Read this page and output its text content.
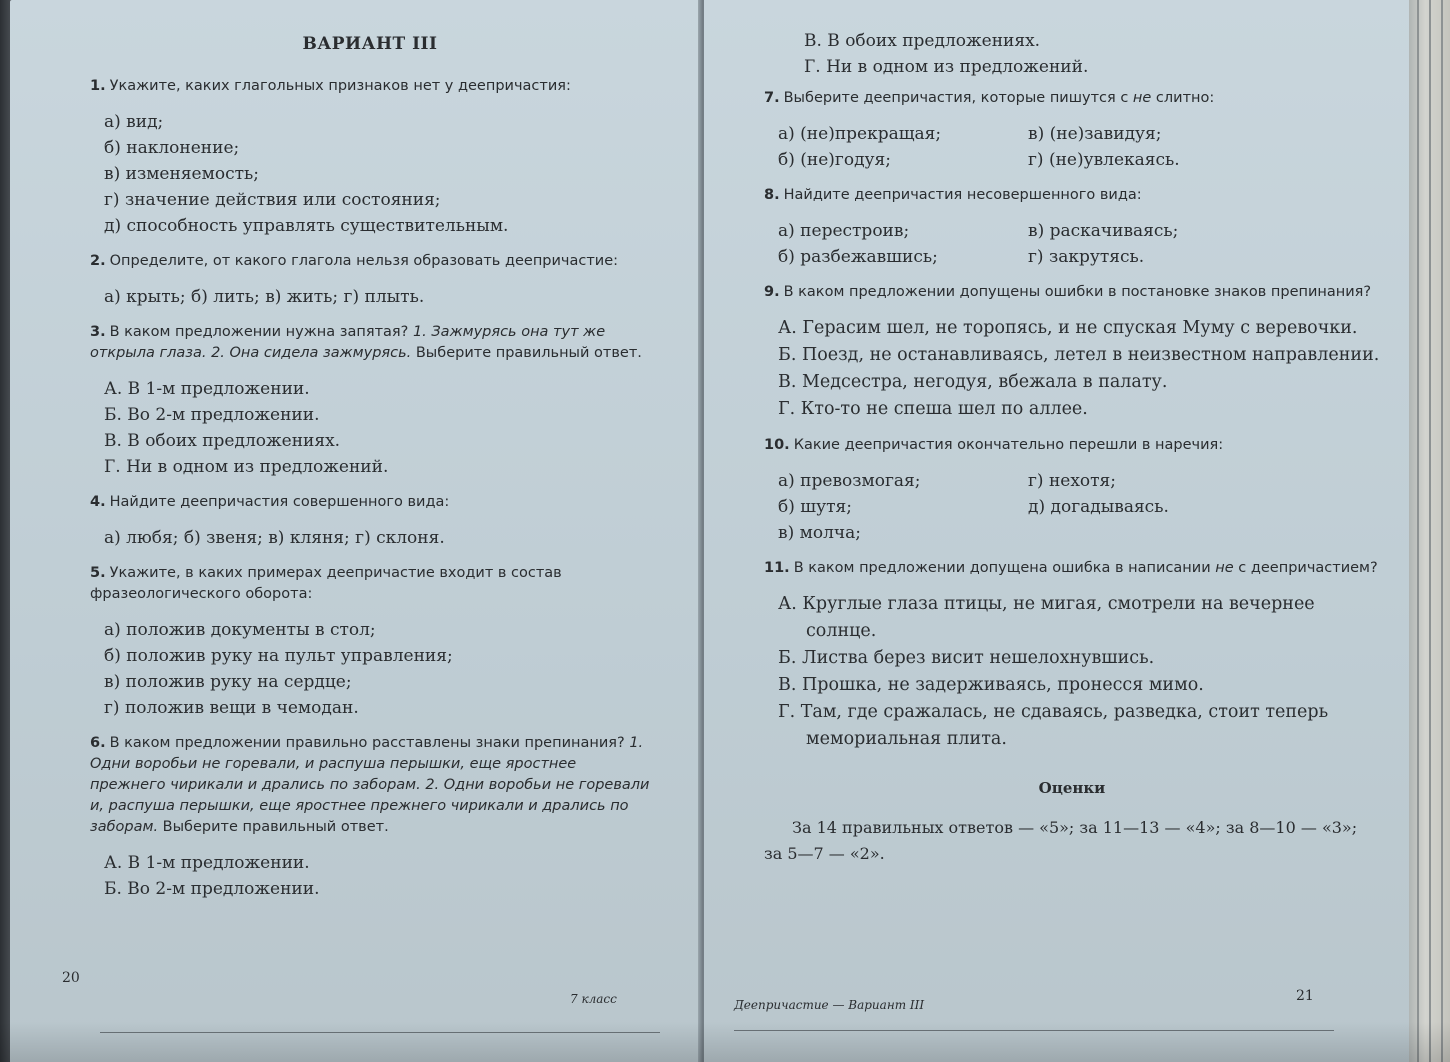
ВАРИАНТ III
1. Укажите, каких глагольных признаков нет у деепричастия:
а) вид;
б) наклонение;
в) изменяемость;
г) значение действия или состояния;
д) способность управлять существительным.
2. Определите, от какого глагола нельзя образовать деепричастие:
а) крыть; б) лить; в) жить; г) плыть.
3. В каком предложении нужна запятая? 1. Зажмурясь она тут же открыла глаза. 2. Она сидела зажмурясь. Выберите правильный ответ.
А. В 1-м предложении.
Б. Во 2-м предложении.
В. В обоих предложениях.
Г. Ни в одном из предложений.
4. Найдите деепричастия совершенного вида:
а) любя; б) звеня; в) кляня; г) склоня.
5. Укажите, в каких примерах деепричастие входит в состав фразеологического оборота:
а) положив документы в стол;
б) положив руку на пульт управления;
в) положив руку на сердце;
г) положив вещи в чемодан.
6. В каком предложении правильно расставлены знаки препинания? 1. Одни воробьи не горевали, и распуша перышки, еще яростнее прежнего чирикали и дрались по заборам. 2. Одни воробьи не горевали и, распуша перышки, еще яростнее прежнего чирикали и дрались по заборам. Выберите правильный ответ.
А. В 1-м предложении.
Б. Во 2-м предложении.
20
7 класс
В. В обоих предложениях.
Г. Ни в одном из предложений.
7. Выберите деепричастия, которые пишутся с не слитно:
а) (не)прекращая;	в) (не)завидуя;
б) (не)годуя;	г) (не)увлекаясь.
8. Найдите деепричастия несовершенного вида:
а) перестроив;	в) раскачиваясь;
б) разбежавшись;	г) закрутясь.
9. В каком предложении допущены ошибки в постановке знаков препинания?
А. Герасим шел, не торопясь, и не спуская Муму с веревочки.
Б. Поезд, не останавливаясь, летел в неизвестном направлении.
В. Медсестра, негодуя, вбежала в палату.
Г. Кто-то не спеша шел по аллее.
10. Какие деепричастия окончательно перешли в наречия:
а) превозмогая;	г) нехотя;
б) шутя;	д) догадываясь.
в) молча;
11. В каком предложении допущена ошибка в написании не с деепричастием?
А. Круглые глаза птицы, не мигая, смотрели на вечернее солнце.
Б. Листва берез висит нешелохнувшись.
В. Прошка, не задерживаясь, пронесся мимо.
Г. Там, где сражалась, не сдаваясь, разведка, стоит теперь мемориальная плита.
Оценки
За 14 правильных ответов — «5»; за 11—13 — «4»; за 8—10 — «3»; за 5—7 — «2».
Деепричастие — Вариант III
21
